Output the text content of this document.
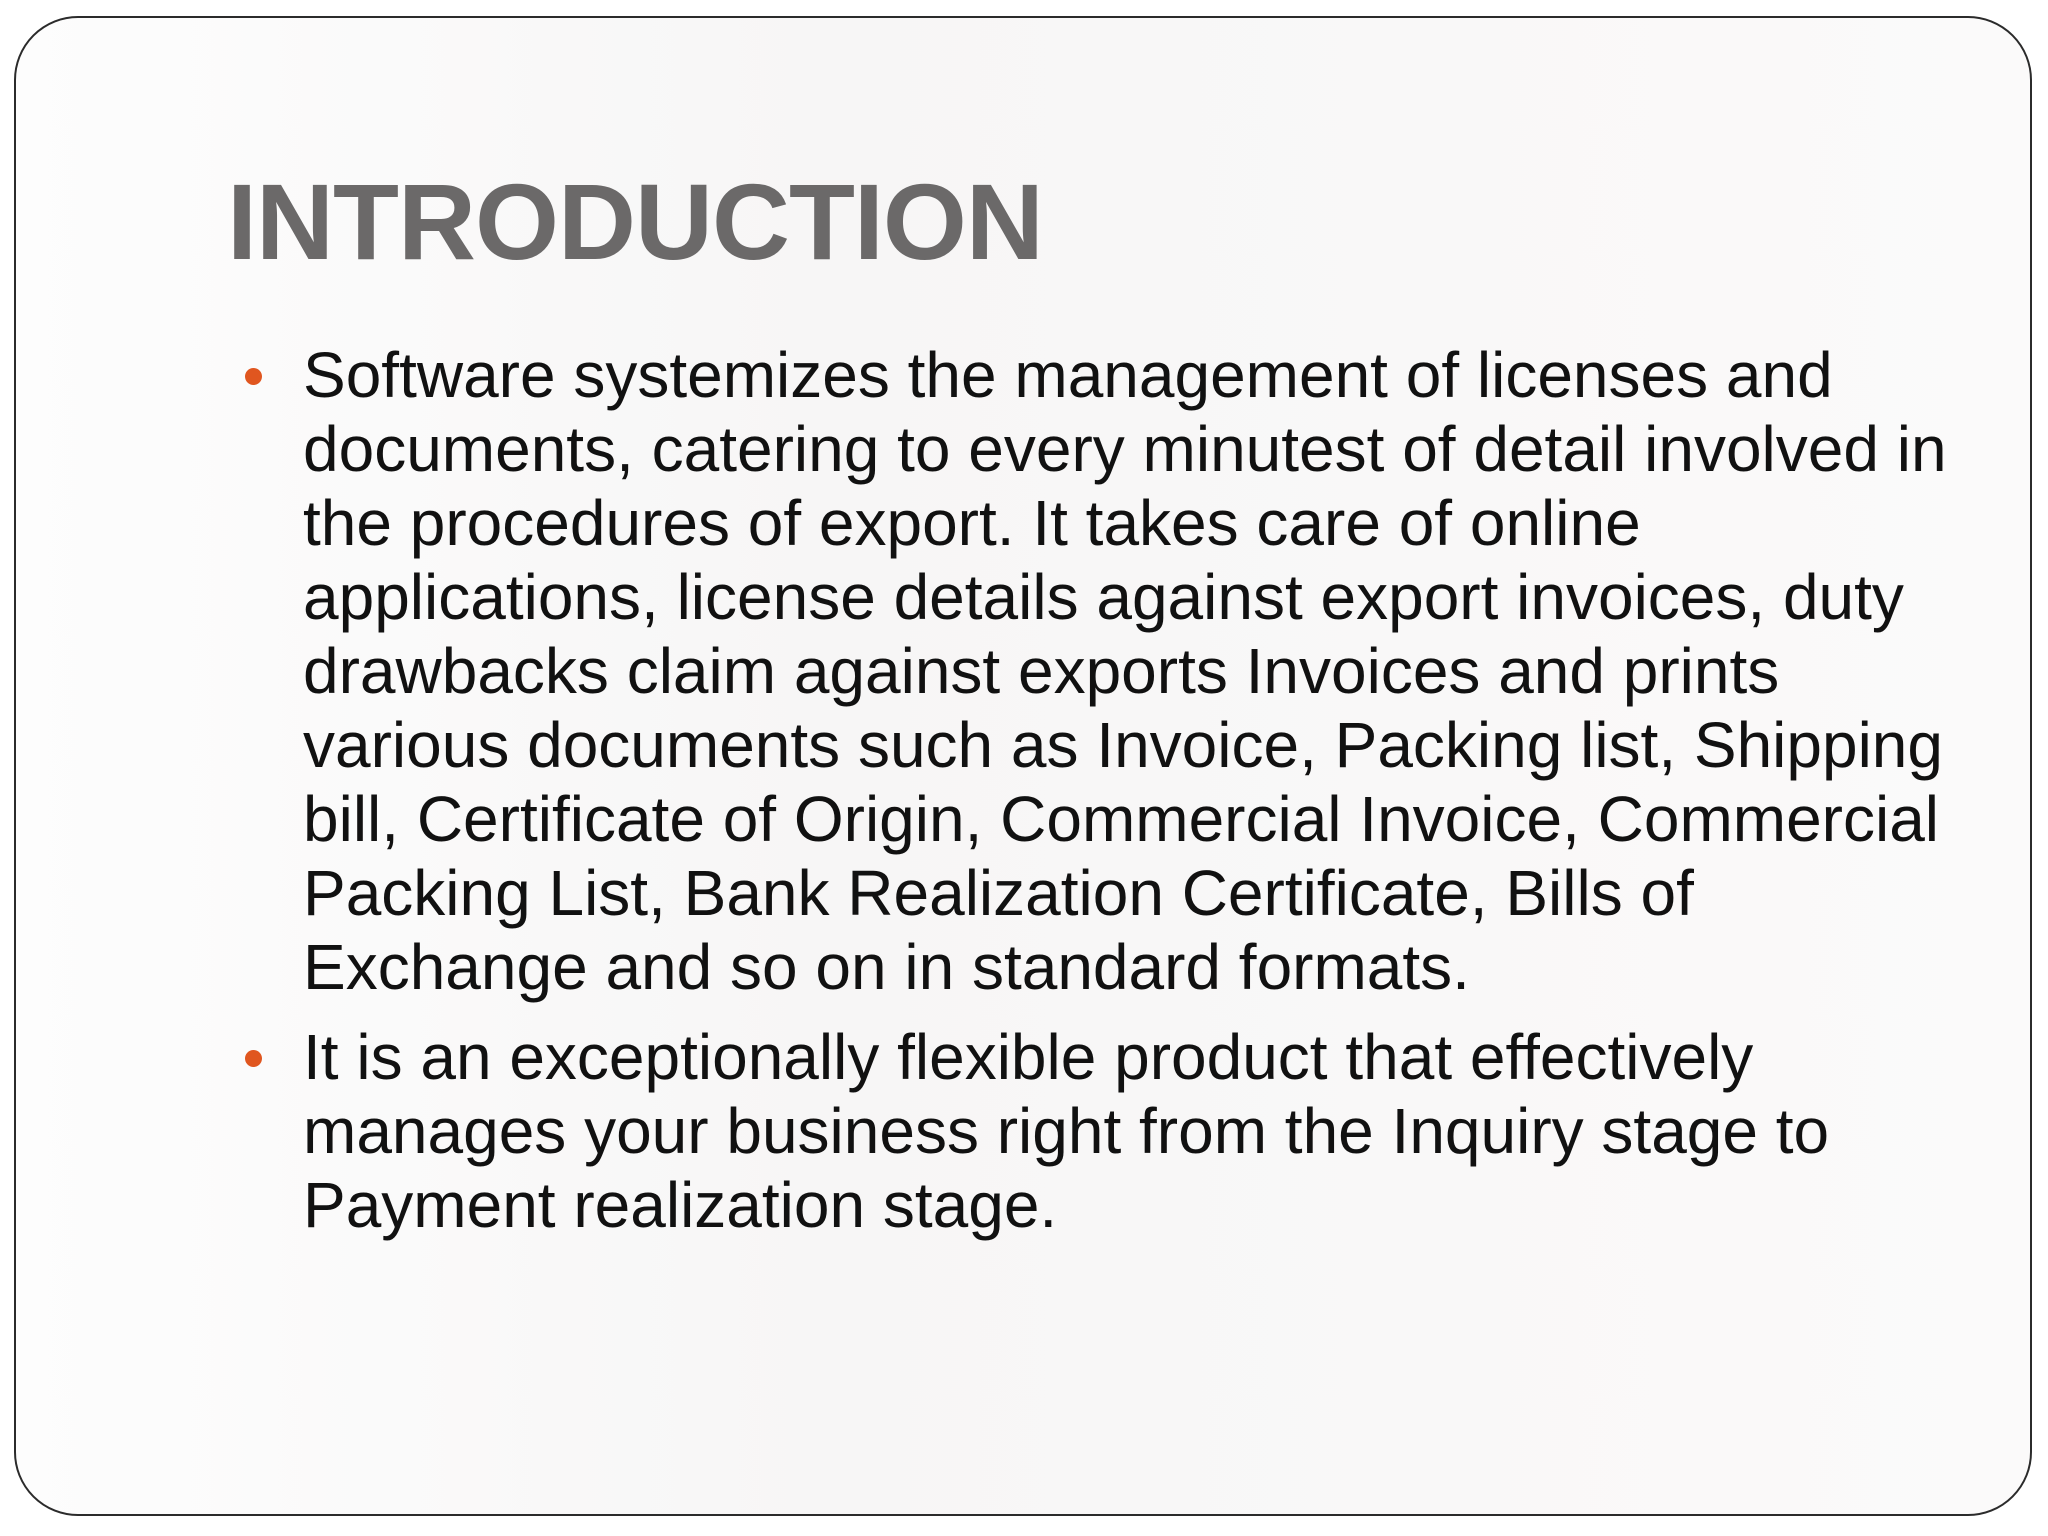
INTRODUCTION
Software systemizes the management of licenses and documents, catering to every minutest of detail involved in the procedures of export. It takes care of online applications, license details against export invoices, duty drawbacks claim against exports Invoices and prints various documents such as Invoice, Packing list, Shipping bill, Certificate of Origin, Commercial Invoice, Commercial Packing List, Bank Realization Certificate, Bills of Exchange and so on in standard formats.
It is an exceptionally flexible product that effectively manages your business right from the Inquiry stage to Payment realization stage.
